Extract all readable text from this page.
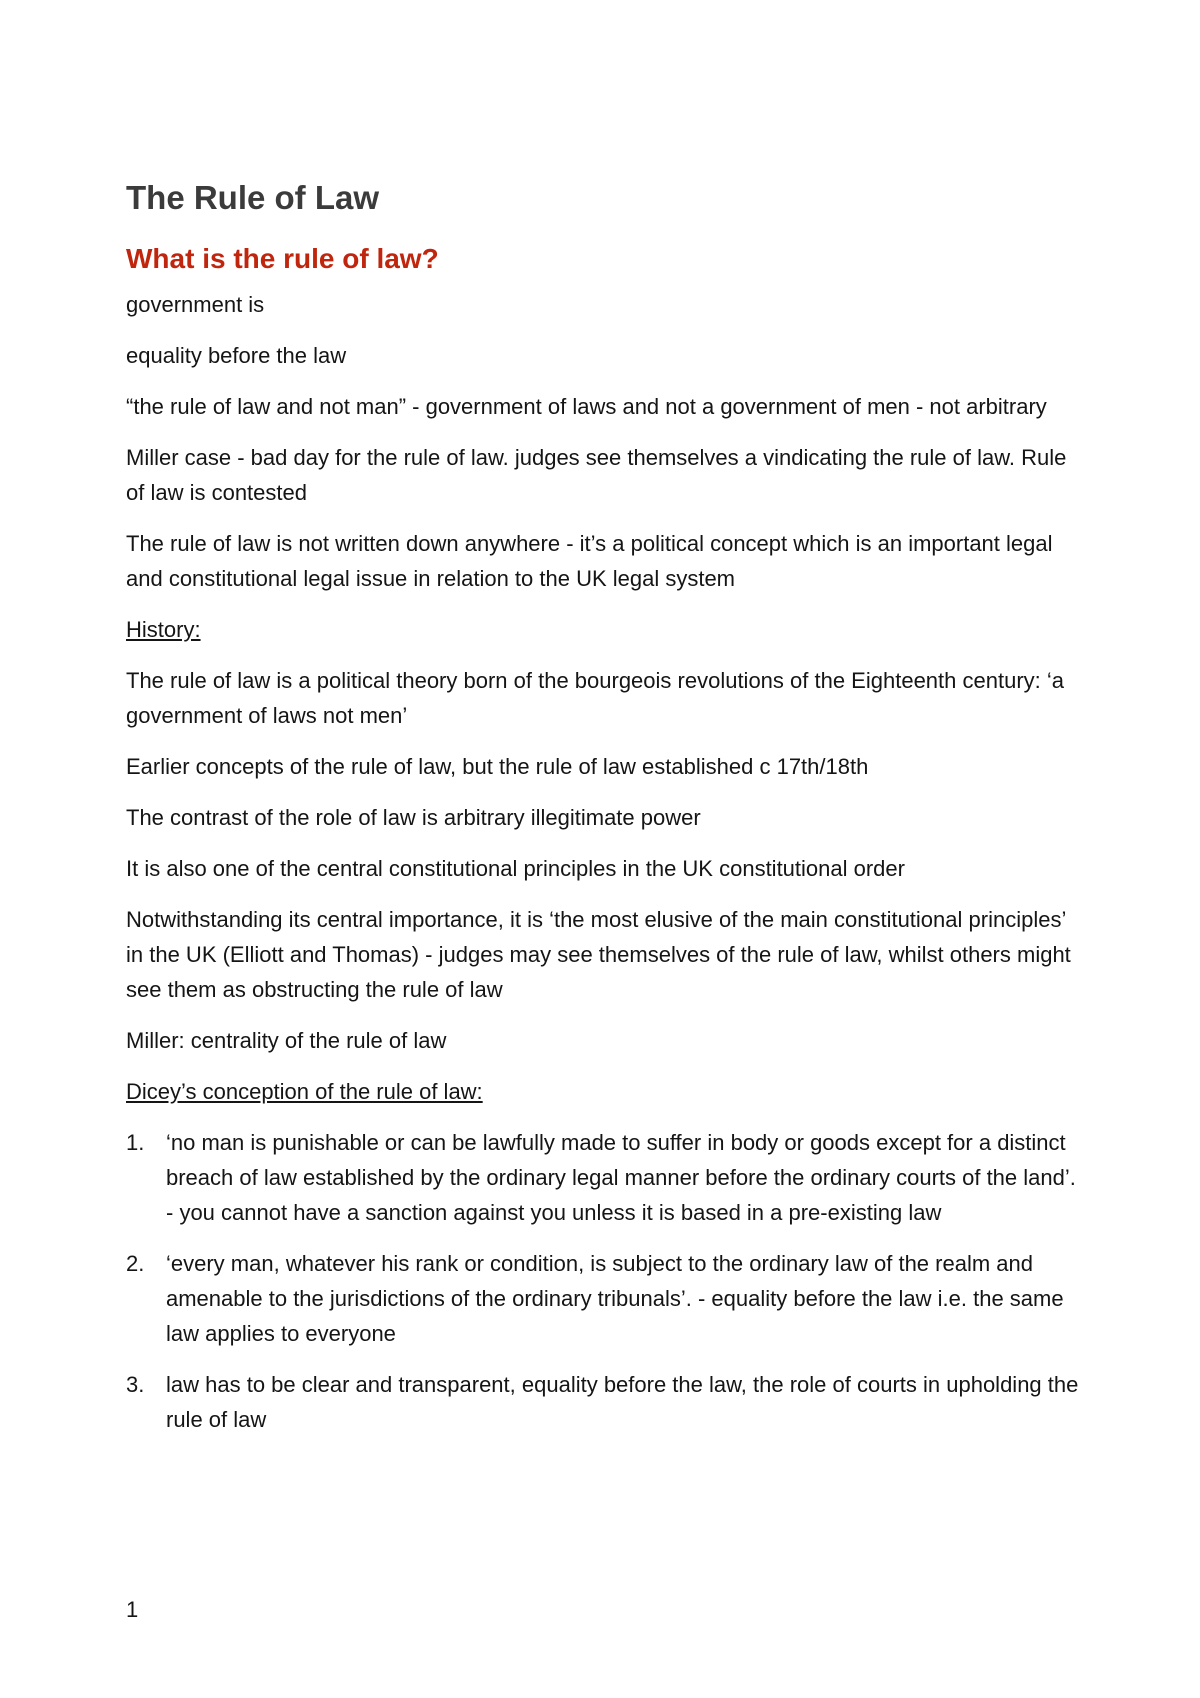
The Rule of Law
What is the rule of law?

government is

equality before the law

“the rule of law and not man” - government of laws and not a government of men - not arbitrary

Miller case - bad day for the rule of law. judges see themselves a vindicating the rule of law. Rule of law is contested

The rule of law is not written down anywhere - it’s a political concept which is an important legal and constitutional legal issue in relation to the UK legal system

History:

The rule of law is a political theory born of the bourgeois revolutions of the Eighteenth century: ‘a government of laws not men’

Earlier concepts of the rule of law, but the rule of law established c 17th/18th

The contrast of the role of law is arbitrary illegitimate power

It is also one of the central constitutional principles in the UK constitutional order

Notwithstanding its central importance, it is ‘the most elusive of the main constitutional principles’ in the UK (Elliott and Thomas) - judges may see themselves of the rule of law, whilst others might see them as obstructing the rule of law

Miller: centrality of the rule of law

Dicey’s conception of the rule of law:

1. ‘no man is punishable or can be lawfully made to suffer in body or goods except for a distinct breach of law established by the ordinary legal manner before the ordinary courts of the land’. - you cannot have a sanction against you unless it is based in a pre-existing law
2. ‘every man, whatever his rank or condition, is subject to the ordinary law of the realm and amenable to the jurisdictions of the ordinary tribunals’. - equality before the law i.e. the same law applies to everyone
3. law has to be clear and transparent, equality before the law, the role of courts in upholding the rule of law
1
